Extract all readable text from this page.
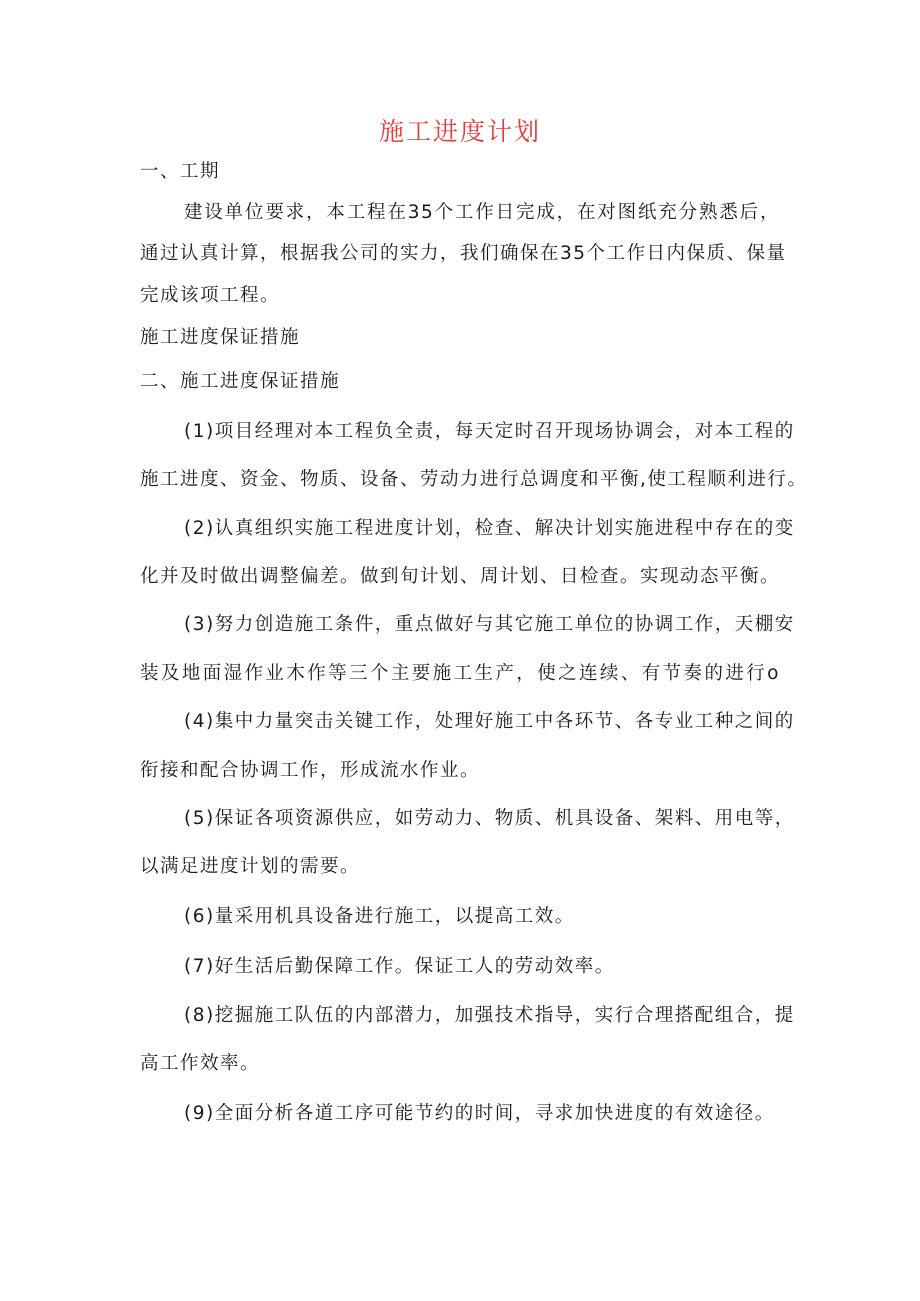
施工进度计划
一、工期
建设单位要求，本工程在35个工作日完成，在对图纸充分熟悉后，
通过认真计算，根据我公司的实力，我们确保在35个工作日内保质、保量
完成该项工程。
施工进度保证措施
二、施工进度保证措施
(1)项目经理对本工程负全责，每天定时召开现场协调会，对本工程的
施工进度、资金、物质、设备、劳动力进行总调度和平衡,使工程顺利进行。
(2)认真组织实施工程进度计划，检查、解决计划实施进程中存在的变
化并及时做出调整偏差。做到旬计划、周计划、日检查。实现动态平衡。
(3)努力创造施工条件，重点做好与其它施工单位的协调工作，天棚安
装及地面湿作业木作等三个主要施工生产，使之连续、有节奏的进行o
(4)集中力量突击关键工作，处理好施工中各环节、各专业工种之间的
衔接和配合协调工作，形成流水作业。
(5)保证各项资源供应，如劳动力、物质、机具设备、架料、用电等，
以满足进度计划的需要。
(6)量采用机具设备进行施工，以提高工效。
(7)好生活后勤保障工作。保证工人的劳动效率。
(8)挖掘施工队伍的内部潜力，加强技术指导，实行合理搭配组合，提
高工作效率。
(9)全面分析各道工序可能节约的时间，寻求加快进度的有效途径。
